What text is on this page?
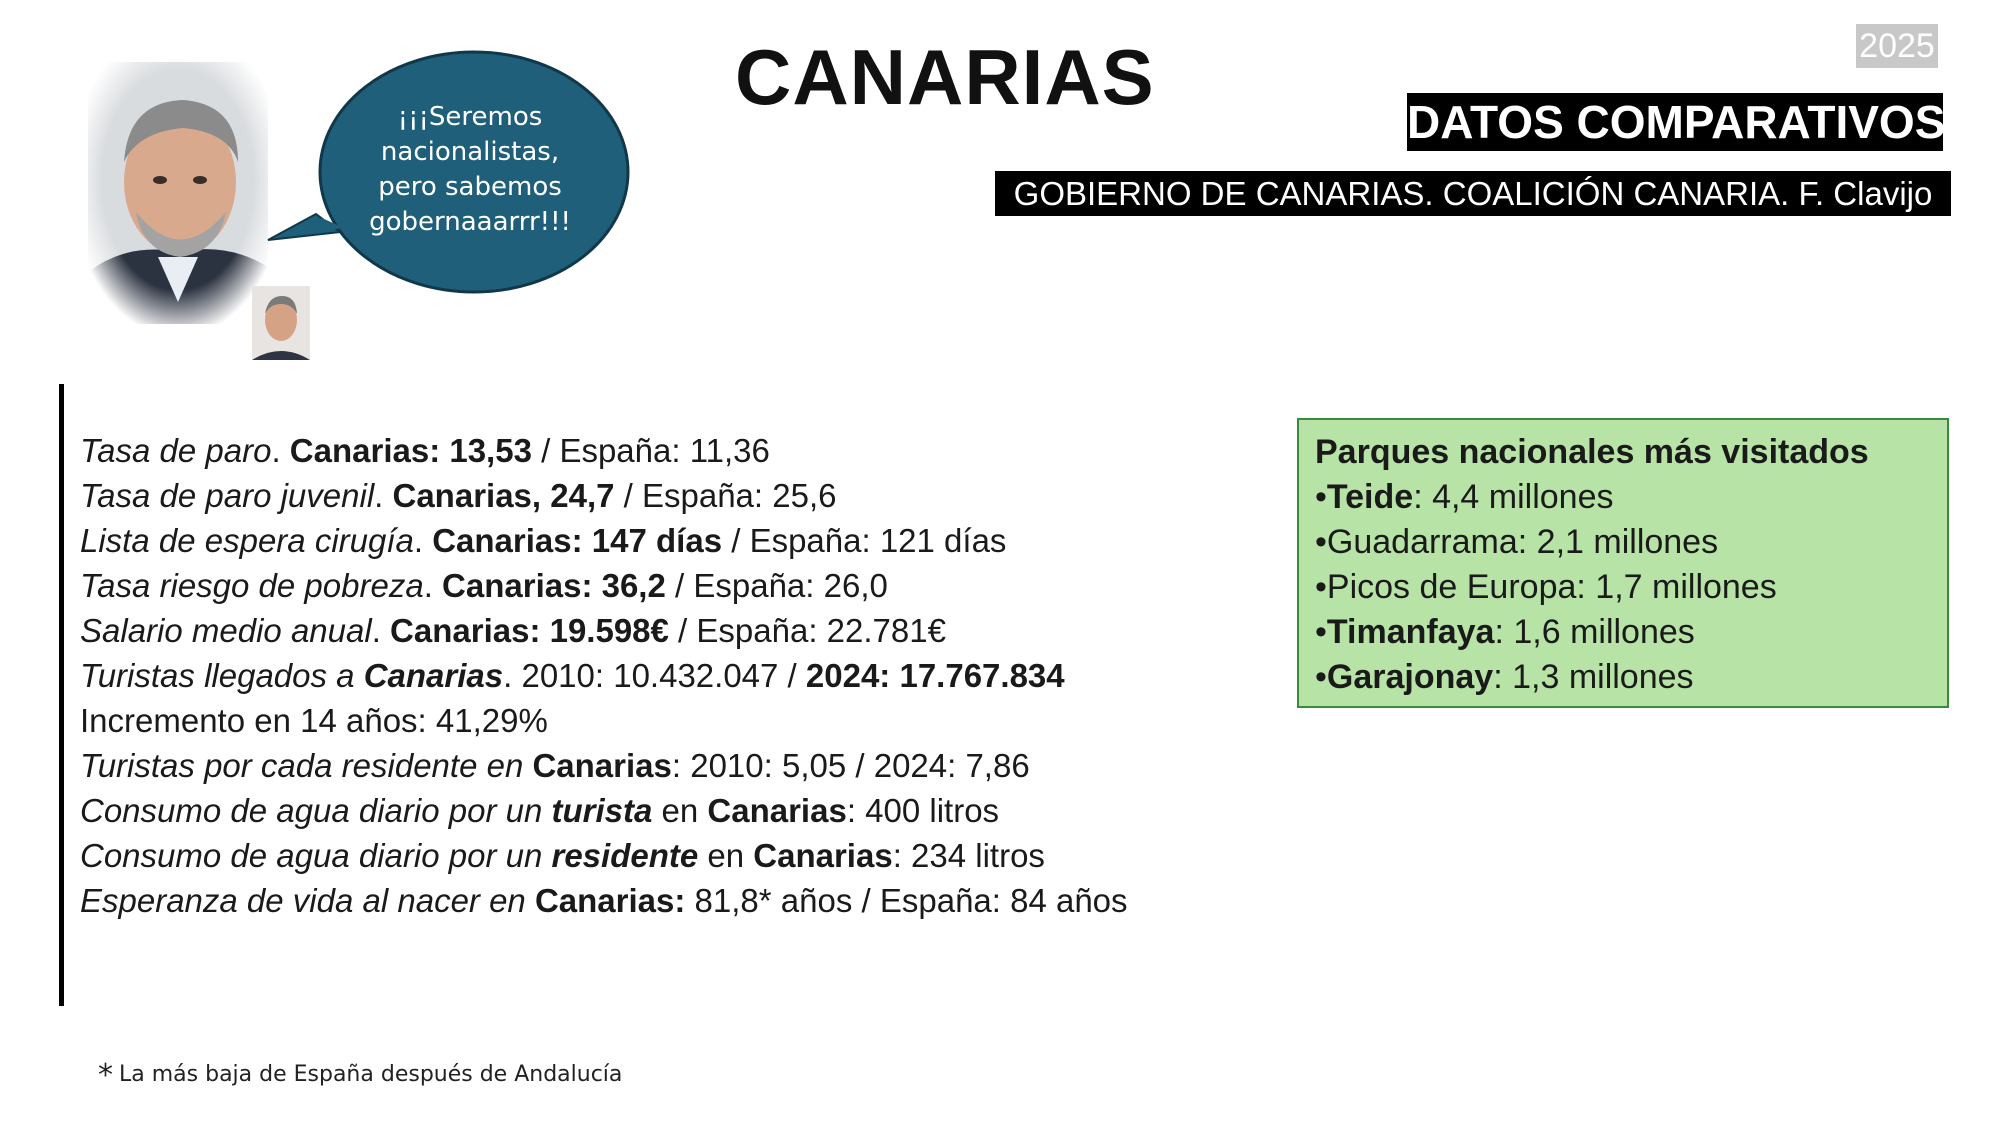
CANARIAS	2025
DATOS COMPARATIVOS
GOBIERNO DE CANARIAS. COALICIÓN CANARIA. F. Clavijo
¡¡¡Seremos
nacionalistas,
pero sabemos
gobernaaarrr!!!
Tasa de paro. Canarias: 13,53 / España: 11,36
Tasa de paro juvenil. Canarias, 24,7 / España: 25,6
Lista de espera cirugía. Canarias: 147 días / España: 121 días
Tasa riesgo de pobreza. Canarias: 36,2 / España: 26,0
Salario medio anual. Canarias: 19.598€ / España: 22.781€
Turistas llegados a Canarias. 2010: 10.432.047 / 2024: 17.767.834
Incremento en 14 años: 41,29%
Turistas por cada residente en Canarias: 2010: 5,05 / 2024: 7,86
Consumo de agua diario por un turista en Canarias: 400 litros
Consumo de agua diario por un residente en Canarias: 234 litros
Esperanza de vida al nacer en Canarias: 81,8* años / España: 84 años
Parques nacionales más visitados
•Teide: 4,4 millones
•Guadarrama: 2,1 millones
•Picos de Europa: 1,7 millones
•Timanfaya: 1,6 millones
•Garajonay: 1,3 millones
* La más baja de España después de Andalucía
